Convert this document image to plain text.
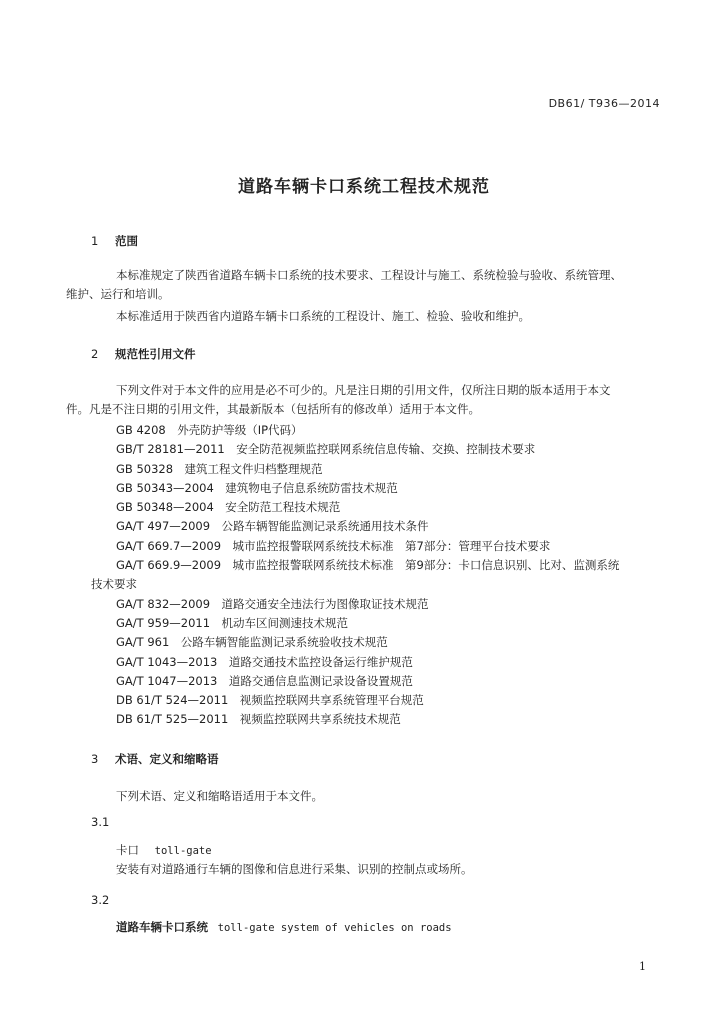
DB61/ T936—2014
道路车辆卡口系统工程技术规范
1 范围
本标准规定了陕西省道路车辆卡口系统的技术要求、工程设计与施工、系统检验与验收、系统管理、
维护、运行和培训。
本标准适用于陕西省内道路车辆卡口系统的工程设计、施工、检验、验收和维护。
2 规范性引用文件
下列文件对于本文件的应用是必不可少的。凡是注日期的引用文件，仅所注日期的版本适用于本文
件。凡是不注日期的引用文件，其最新版本（包括所有的修改单）适用于本文件。
GB 4208　外壳防护等级（IP代码）
GB/T 28181—2011　安全防范视频监控联网系统信息传输、交换、控制技术要求
GB 50328　建筑工程文件归档整理规范
GB 50343—2004　建筑物电子信息系统防雷技术规范
GB 50348—2004　安全防范工程技术规范
GA/T 497—2009　公路车辆智能监测记录系统通用技术条件
GA/T 669.7—2009　城市监控报警联网系统技术标准　第7部分：管理平台技术要求
GA/T 669.9—2009　城市监控报警联网系统技术标准　第9部分：卡口信息识别、比对、监测系统
技术要求
GA/T 832—2009　道路交通安全违法行为图像取证技术规范
GA/T 959—2011　机动车区间测速技术规范
GA/T 961　公路车辆智能监测记录系统验收技术规范
GA/T 1043—2013　道路交通技术监控设备运行维护规范
GA/T 1047—2013　道路交通信息监测记录设备设置规范
DB 61/T 524—2011　视频监控联网共享系统管理平台规范
DB 61/T 525—2011　视频监控联网共享系统技术规范
3 术语、定义和缩略语
下列术语、定义和缩略语适用于本文件。
3.1
卡口 toll-gate
安装有对道路通行车辆的图像和信息进行采集、识别的控制点或场所。
3.2
道路车辆卡口系统 toll-gate system of vehicles on roads
1
